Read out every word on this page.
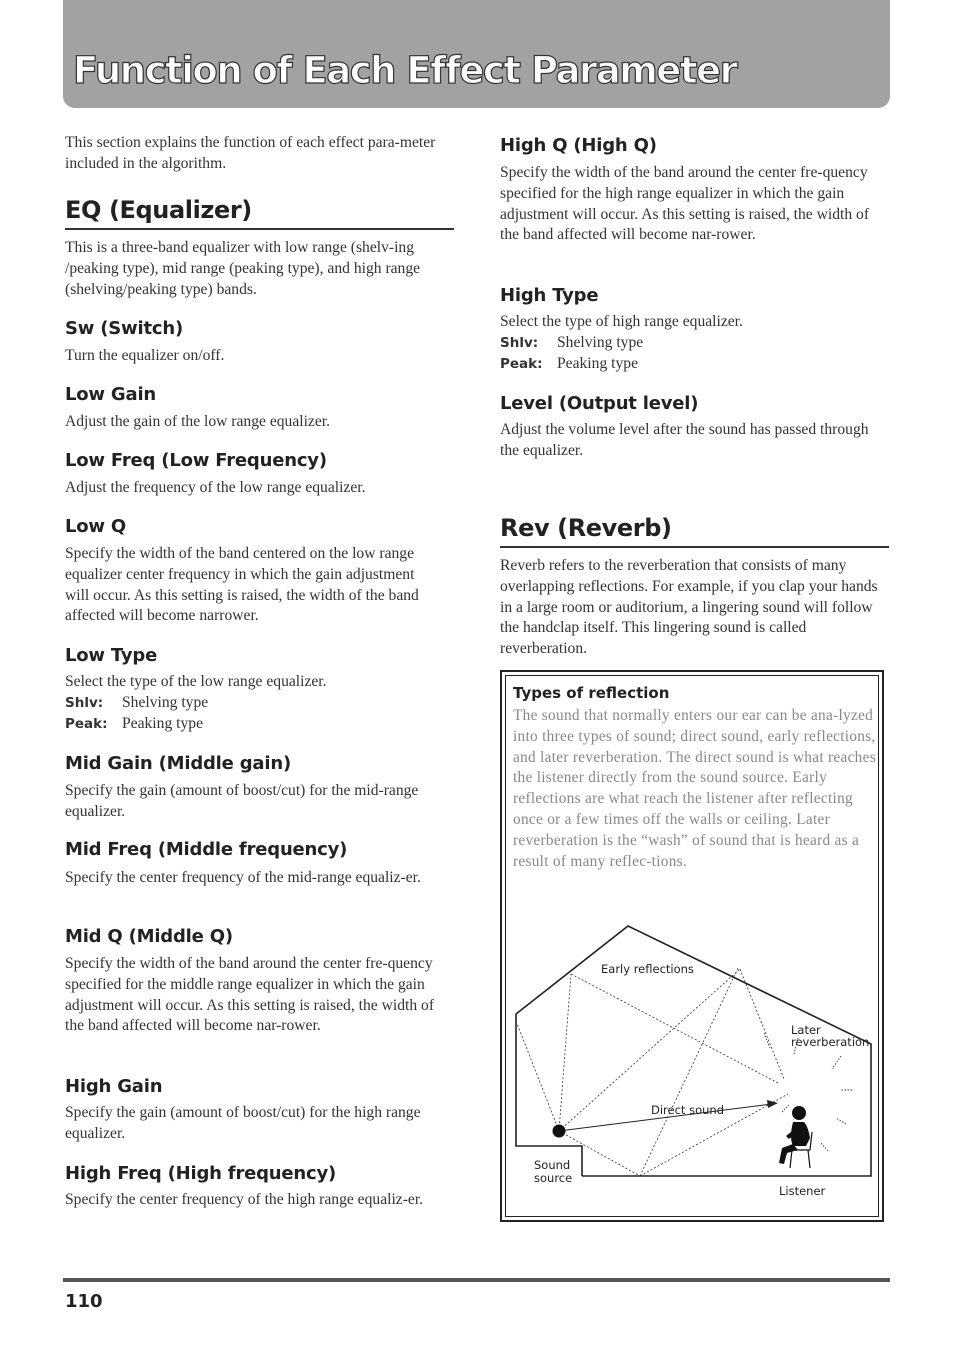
Function of Each Effect Parameter

This section explains the function of each effect para-meter included in the algorithm.

EQ (Equalizer)

This is a three-band equalizer with low range (shelv-ing /peaking type), mid range (peaking type), and high range (shelving/peaking type) bands.

Sw (Switch)

Turn the equalizer on/off.

Low Gain

Adjust the gain of the low range equalizer.

Low Freq (Low Frequency)

Adjust the frequency of the low range equalizer.

Low Q

Specify the width of the band centered on the low range equalizer center frequency in which the gain adjustment will occur. As this setting is raised, the width of the band affected will become narrower.

Low Type

Select the type of the low range equalizer.

Shlv: Shelving type

Peak: Peaking type

Mid Gain (Middle gain)

Specify the gain (amount of boost/cut) for the mid-range equalizer.

Mid Freq (Middle frequency)

Specify the center frequency of the mid-range equaliz-er.

Mid Q (Middle Q)

Specify the width of the band around the center fre-quency specified for the middle range equalizer in which the gain adjustment will occur. As this setting is raised, the width of the band affected will become nar-rower.

High Gain

Specify the gain (amount of boost/cut) for the high range equalizer.

High Freq (High frequency)

Specify the center frequency of the high range equaliz-er.

High Q (High Q)

Specify the width of the band around the center fre-quency specified for the high range equalizer in which the gain adjustment will occur. As this setting is raised, the width of the band affected will become nar-rower.

High Type

Select the type of high range equalizer.

Shlv: Shelving type

Peak: Peaking type

Level (Output level)

Adjust the volume level after the sound has passed through the equalizer.

Rev (Reverb)

Reverb refers to the reverberation that consists of many overlapping reflections. For example, if you clap your hands in a large room or auditorium, a lingering sound will follow the handclap itself. This lingering sound is called reverberation.

Types of reflection

The sound that normally enters our ear can be ana-lyzed into three types of sound; direct sound, early reflections, and later reverberation. The direct sound is what reaches the listener directly from the sound source. Early reflections are what reach the listener after reflecting once or a few times off the walls or ceiling. Later reverberation is the “wash” of sound that is heard as a result of many reflec-tions.

Early reflections
Later
reverberation
Direct sound
Sound
source
Listener

110
